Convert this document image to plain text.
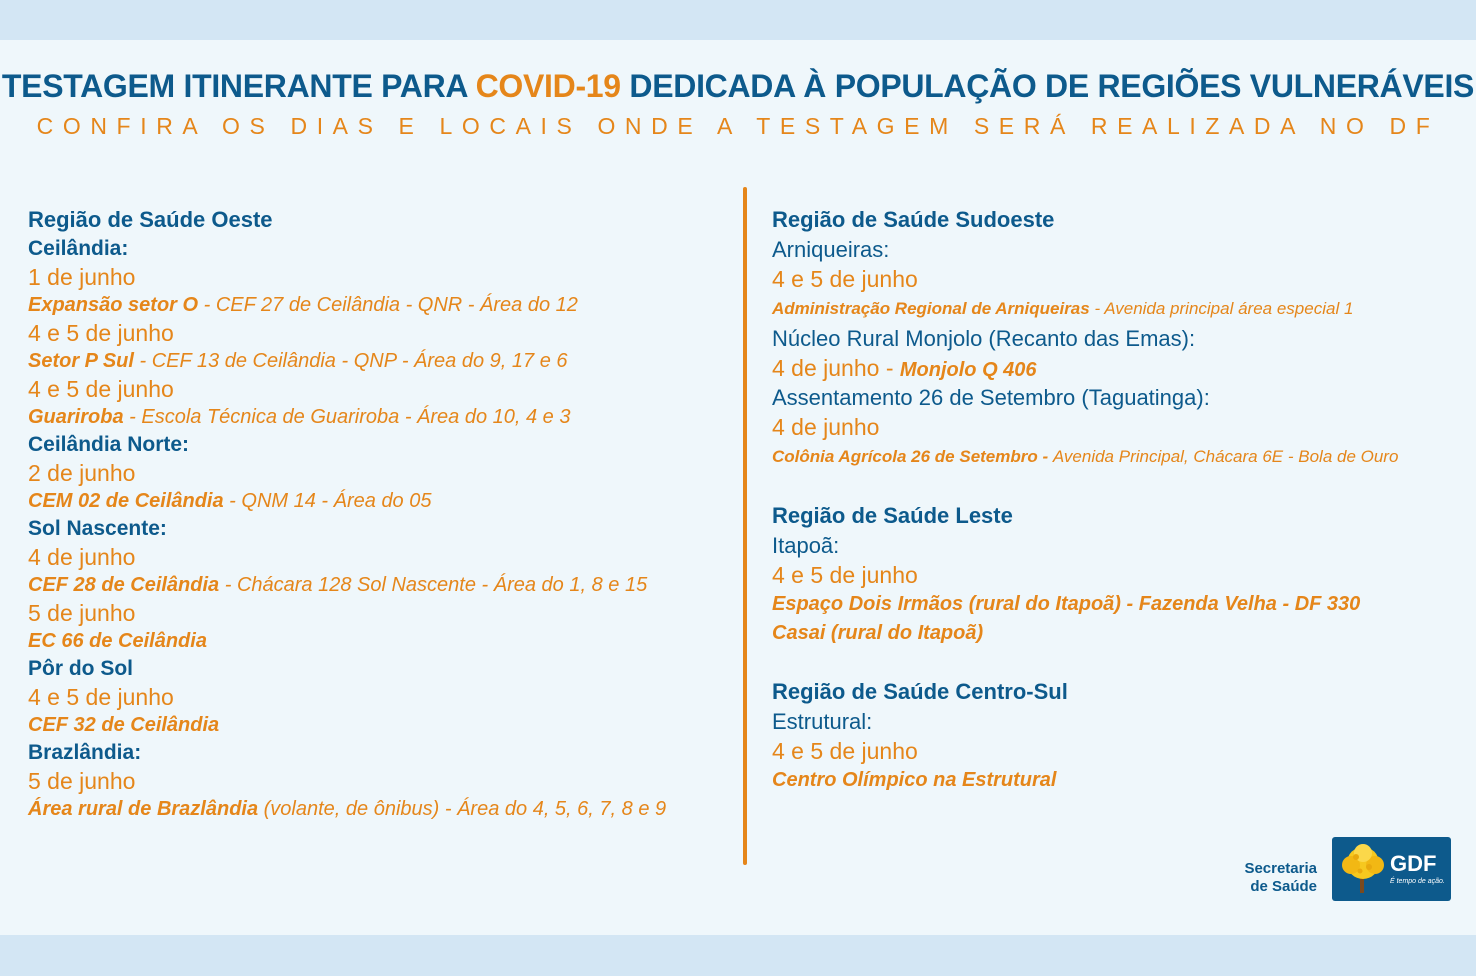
TESTAGEM ITINERANTE PARA COVID-19 DEDICADA À POPULAÇÃO DE REGIÕES VULNERÁVEIS
CONFIRA OS DIAS E LOCAIS ONDE A TESTAGEM SERÁ REALIZADA NO DF
Região de Saúde Oeste
Ceilândia:
1 de junho
Expansão setor O - CEF 27 de Ceilândia - QNR - Área do 12
4 e 5 de junho
Setor P Sul - CEF 13 de Ceilândia - QNP - Área do 9, 17 e 6
4 e 5 de junho
Guariroba - Escola Técnica de Guariroba - Área do 10, 4 e 3
Ceilândia Norte:
2 de junho
CEM 02 de Ceilândia - QNM 14 - Área do 05
Sol Nascente:
4 de junho
CEF 28 de Ceilândia - Chácara 128 Sol Nascente - Área do 1, 8 e 15
5 de junho
EC 66 de Ceilândia
Pôr do Sol
4 e 5 de junho
CEF 32 de Ceilândia
Brazlândia:
5 de junho
Área rural de Brazlândia (volante, de ônibus) - Área do 4, 5, 6, 7, 8 e 9
Região de Saúde Sudoeste
Arniqueiras:
4 e 5 de junho
Administração Regional de Arniqueiras - Avenida principal área especial 1
Núcleo Rural Monjolo (Recanto das Emas):
4 de junho - Monjolo Q 406
Assentamento 26 de Setembro (Taguatinga):
4 de junho
Colônia Agrícola 26 de Setembro - Avenida Principal, Chácara 6E - Bola de Ouro
Região de Saúde Leste
Itapoã:
4 e 5 de junho
Espaço Dois Irmãos (rural do Itapoã) - Fazenda Velha - DF 330
Casai (rural do Itapoã)
Região de Saúde Centro-Sul
Estrutural:
4 e 5 de junho
Centro Olímpico na Estrutural
Secretaria
de Saúde
GDF
É tempo de ação.
